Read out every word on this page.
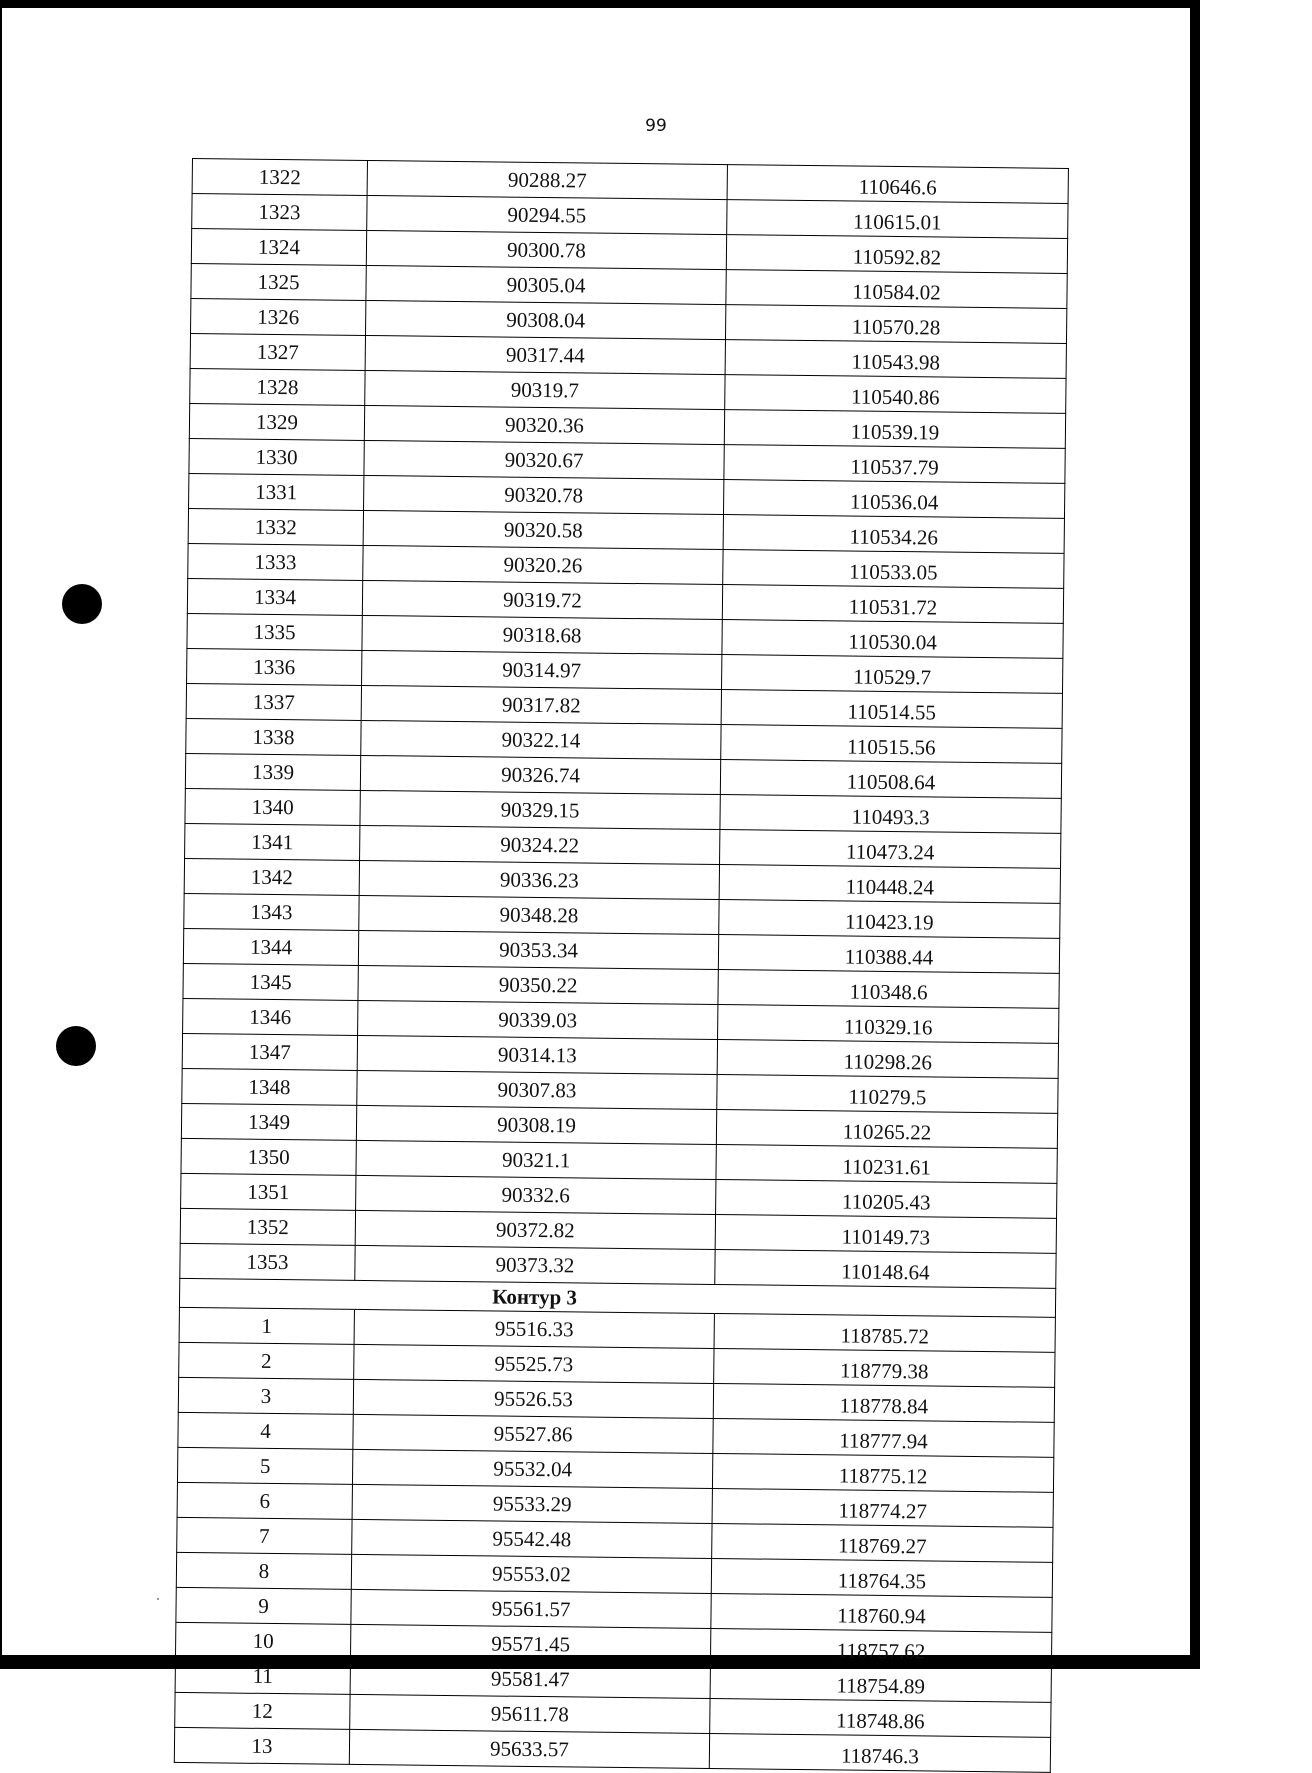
99
1322	90288.27	110646.6
1323	90294.55	110615.01
1324	90300.78	110592.82
1325	90305.04	110584.02
1326	90308.04	110570.28
1327	90317.44	110543.98
1328	90319.7	110540.86
1329	90320.36	110539.19
1330	90320.67	110537.79
1331	90320.78	110536.04
1332	90320.58	110534.26
1333	90320.26	110533.05
1334	90319.72	110531.72
1335	90318.68	110530.04
1336	90314.97	110529.7
1337	90317.82	110514.55
1338	90322.14	110515.56
1339	90326.74	110508.64
1340	90329.15	110493.3
1341	90324.22	110473.24
1342	90336.23	110448.24
1343	90348.28	110423.19
1344	90353.34	110388.44
1345	90350.22	110348.6
1346	90339.03	110329.16
1347	90314.13	110298.26
1348	90307.83	110279.5
1349	90308.19	110265.22
1350	90321.1	110231.61
1351	90332.6	110205.43
1352	90372.82	110149.73
1353	90373.32	110148.64
	Контур 3	
1	95516.33	118785.72
2	95525.73	118779.38
3	95526.53	118778.84
4	95527.86	118777.94
5	95532.04	118775.12
6	95533.29	118774.27
7	95542.48	118769.27
8	95553.02	118764.35
9	95561.57	118760.94
10	95571.45	118757.62
11	95581.47	118754.89
12	95611.78	118748.86
13	95633.57	118746.3
